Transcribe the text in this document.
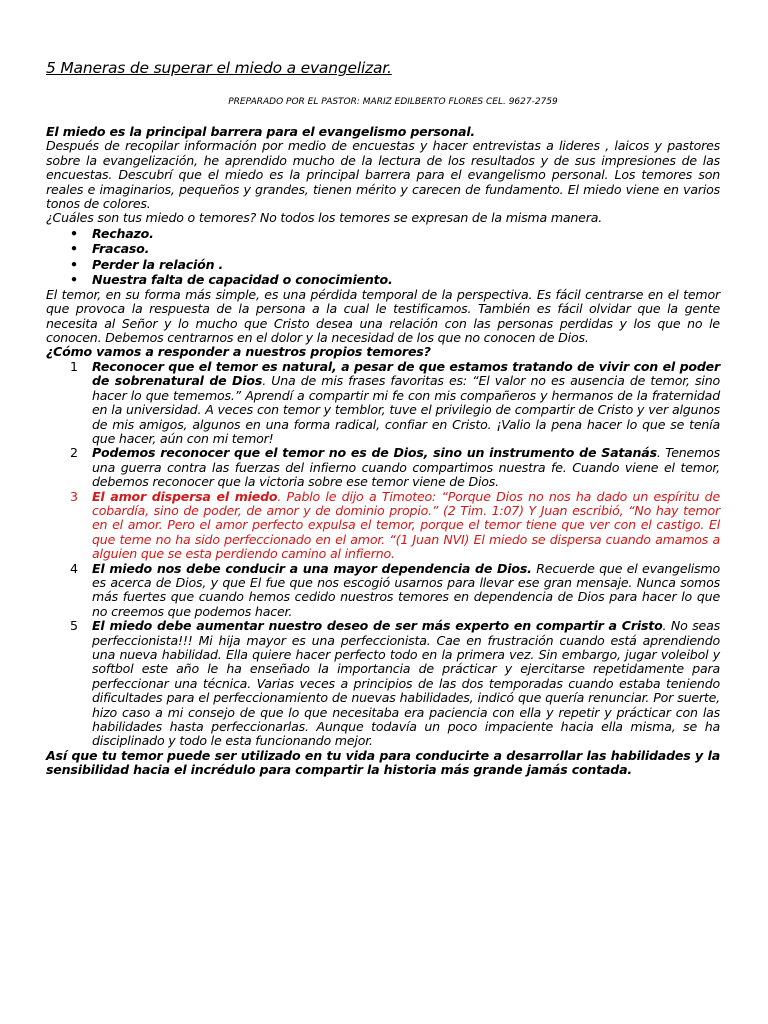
5 Maneras de superar el miedo a evangelizar.
PREPARADO POR EL PASTOR: MARIZ EDILBERTO FLORES CEL. 9627-2759
El miedo es la principal barrera para el evangelismo personal.
Después de recopilar información por medio de encuestas y hacer entrevistas a lideres , laicos y pastores sobre la evangelización, he aprendido mucho de la lectura de los resultados y de sus impresiones de las encuestas. Descubrí que el miedo es la principal barrera para el evangelismo personal. Los temores son reales e imaginarios, pequeños y grandes, tienen mérito y carecen de fundamento. El miedo viene en varios tonos de colores.
¿Cuáles son tus miedo o temores? No todos los temores se expresan de la misma manera.
• Rechazo.
• Fracaso.
• Perder la relación .
• Nuestra falta de capacidad o conocimiento.
El temor, en su forma más simple, es una pérdida temporal de la perspectiva. Es fácil centrarse en el temor que provoca la respuesta de la persona a la cual le testificamos. También es fácil olvidar que la gente necesita al Señor y lo mucho que Cristo desea una relación con las personas perdidas y los que no le conocen. Debemos centrarnos en el dolor y la necesidad de los que no conocen de Dios.
¿Cómo vamos a responder a nuestros propios temores?
1 Reconocer que el temor es natural, a pesar de que estamos tratando de vivir con el poder de sobrenatural de Dios. Una de mis frases favoritas es: “El valor no es ausencia de temor, sino hacer lo que tememos.” Aprendí a compartir mi fe con mis compañeros y hermanos de la fraternidad en la universidad. A veces con temor y temblor, tuve el privilegio de compartir de Cristo y ver algunos de mis amigos, algunos en una forma radical, confiar en Cristo. ¡Valio la pena hacer lo que se tenía que hacer, aún con mi temor!
2 Podemos reconocer que el temor no es de Dios, sino un instrumento de Satanás. Tenemos una guerra contra las fuerzas del infierno cuando compartimos nuestra fe. Cuando viene el temor, debemos reconocer que la victoria sobre ese temor viene de Dios.
3 El amor dispersa el miedo. Pablo le dijo a Timoteo: “Porque Dios no nos ha dado un espíritu de cobardía, sino de poder, de amor y de dominio propio.” (2 Tim. 1:07) Y Juan escribió, “No hay temor en el amor. Pero el amor perfecto expulsa el temor, porque el temor tiene que ver con el castigo. El que teme no ha sido perfeccionado en el amor. “(1 Juan NVI) El miedo se dispersa cuando amamos a alguien que se esta perdiendo camino al infierno.
4 El miedo nos debe conducir a una mayor dependencia de Dios. Recuerde que el evangelismo es acerca de Dios, y que El fue que nos escogió usarnos para llevar ese gran mensaje. Nunca somos más fuertes que cuando hemos cedido nuestros temores en dependencia de Dios para hacer lo que no creemos que podemos hacer.
5 El miedo debe aumentar nuestro deseo de ser más experto en compartir a Cristo. No seas perfeccionista!!! Mi hija mayor es una perfeccionista. Cae en frustración cuando está aprendiendo una nueva habilidad. Ella quiere hacer perfecto todo en la primera vez. Sin embargo, jugar voleibol y softbol este año le ha enseñado la importancia de prácticar y ejercitarse repetidamente para perfeccionar una técnica. Varias veces a principios de las dos temporadas cuando estaba teniendo dificultades para el perfeccionamiento de nuevas habilidades, indicó que quería renunciar. Por suerte, hizo caso a mi consejo de que lo que necesitaba era paciencia con ella y repetir y prácticar con las habilidades hasta perfeccionarlas. Aunque todavía un poco impaciente hacia ella misma, se ha disciplinado y todo le esta funcionando mejor.
Así que tu temor puede ser utilizado en tu vida para conducirte a desarrollar las habilidades y la sensibilidad hacia el incrédulo para compartir la historia más grande jamás contada.
